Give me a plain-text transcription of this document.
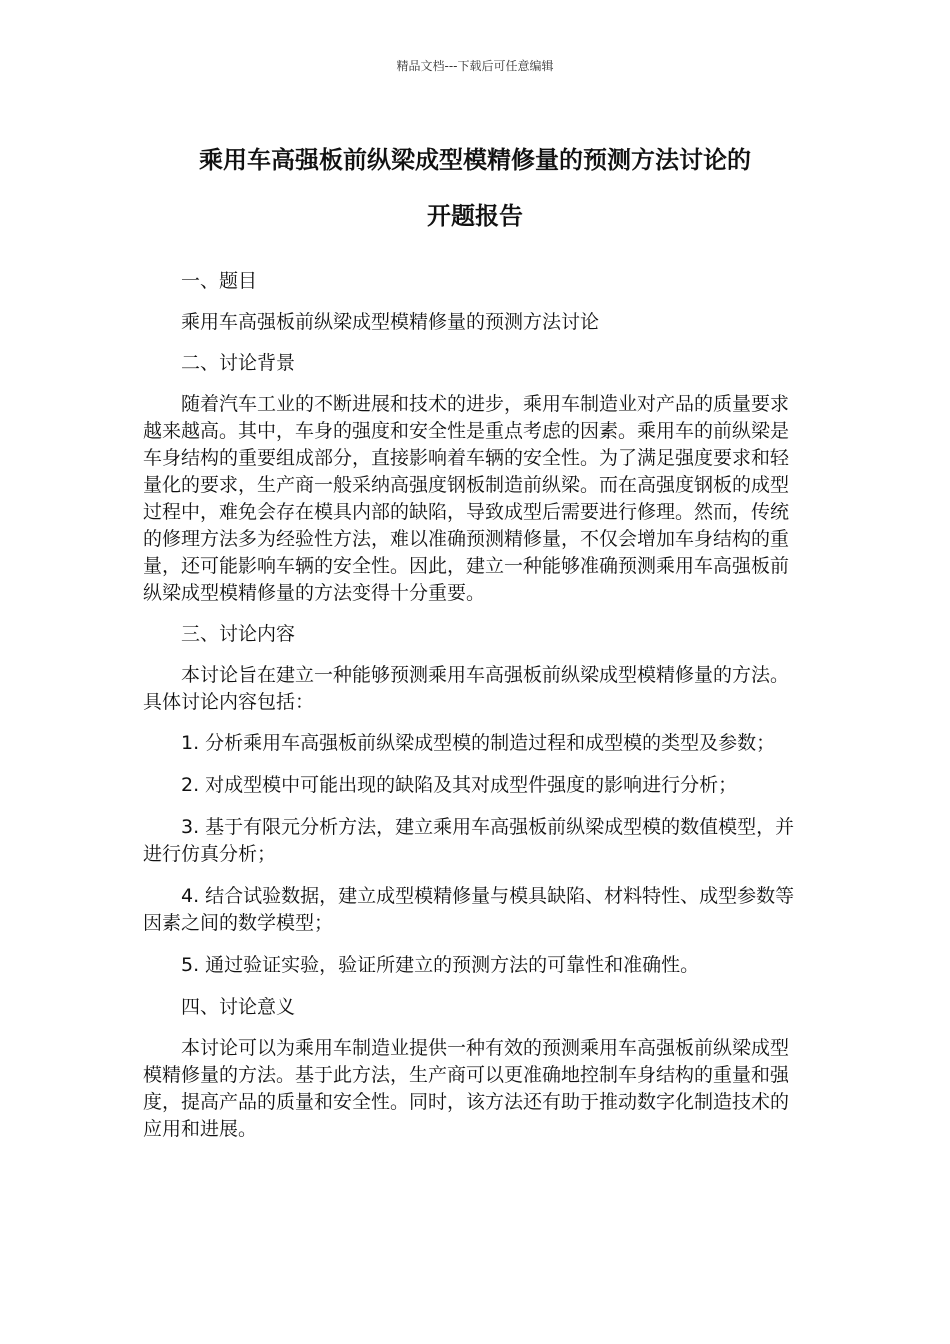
精品文档---下载后可任意编辑
乘用车高强板前纵梁成型模精修量的预测方法讨论的
开题报告

一、题目

乘用车高强板前纵梁成型模精修量的预测方法讨论

二、讨论背景

随着汽车工业的不断进展和技术的进步，乘用车制造业对产品的质量要求越来越高。其中，车身的强度和安全性是重点考虑的因素。乘用车的前纵梁是车身结构的重要组成部分，直接影响着车辆的安全性。为了满足强度要求和轻量化的要求，生产商一般采纳高强度钢板制造前纵梁。而在高强度钢板的成型过程中，难免会存在模具内部的缺陷，导致成型后需要进行修理。然而，传统的修理方法多为经验性方法，难以准确预测精修量，不仅会增加车身结构的重量，还可能影响车辆的安全性。因此，建立一种能够准确预测乘用车高强板前纵梁成型模精修量的方法变得十分重要。

三、讨论内容

本讨论旨在建立一种能够预测乘用车高强板前纵梁成型模精修量的方法。具体讨论内容包括：

1. 分析乘用车高强板前纵梁成型模的制造过程和成型模的类型及参数；

2. 对成型模中可能出现的缺陷及其对成型件强度的影响进行分析；

3. 基于有限元分析方法，建立乘用车高强板前纵梁成型模的数值模型，并进行仿真分析；

4. 结合试验数据，建立成型模精修量与模具缺陷、材料特性、成型参数等因素之间的数学模型；

5. 通过验证实验，验证所建立的预测方法的可靠性和准确性。

四、讨论意义

本讨论可以为乘用车制造业提供一种有效的预测乘用车高强板前纵梁成型模精修量的方法。基于此方法，生产商可以更准确地控制车身结构的重量和强度，提高产品的质量和安全性。同时，该方法还有助于推动数字化制造技术的应用和进展。
